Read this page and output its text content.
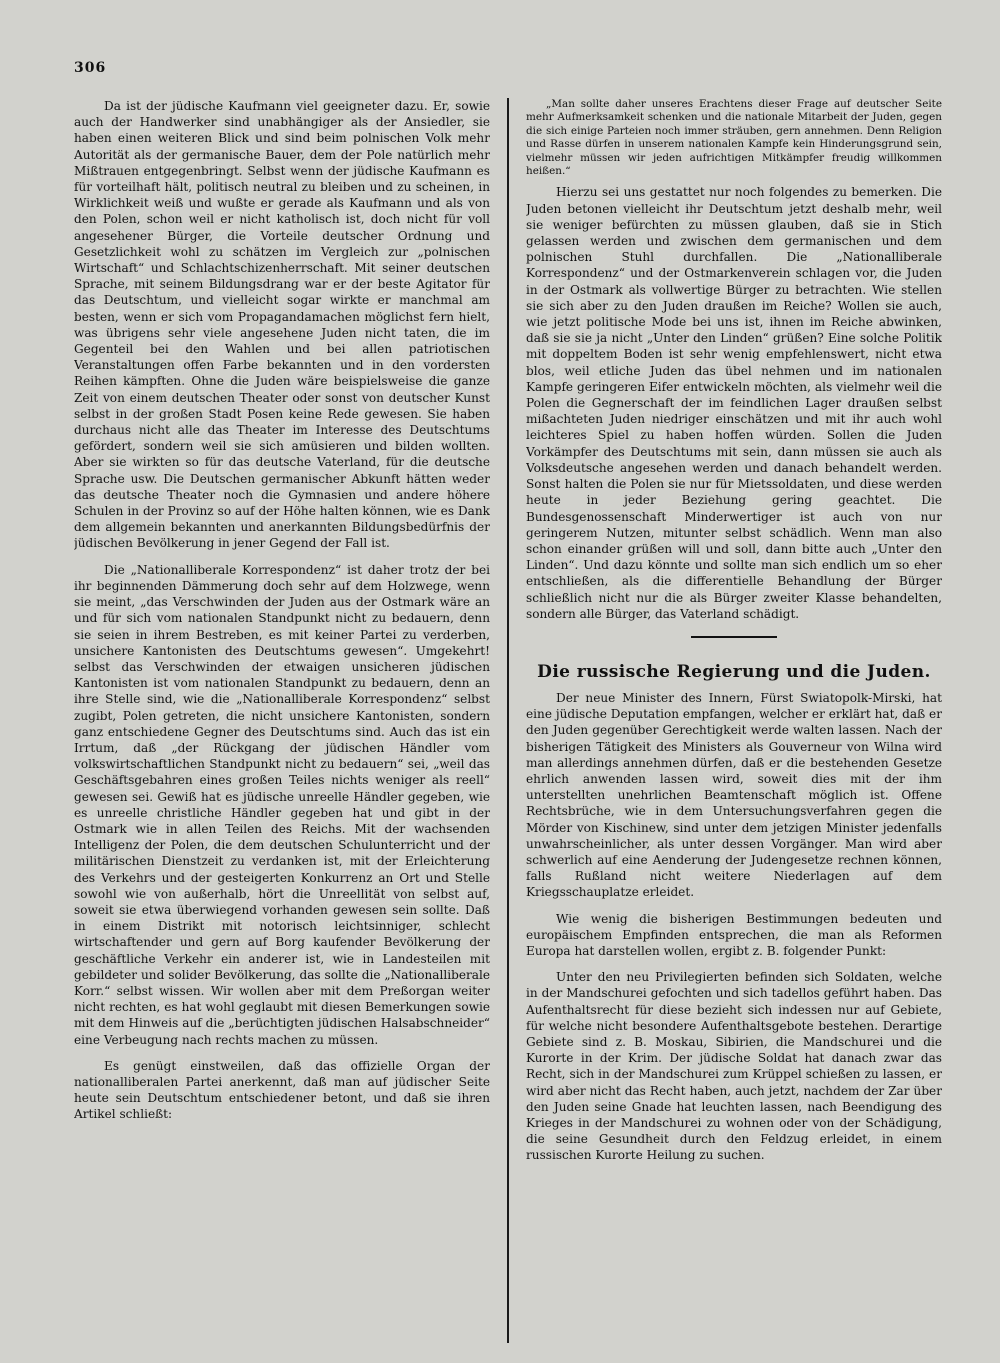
306

Da ist der jüdische Kaufmann viel geeigneter dazu. Er, sowie auch der Handwerker sind unabhängiger als der Ansiedler, sie haben einen weiteren Blick und sind beim polnischen Volk mehr Autorität als der germanische Bauer, dem der Pole natürlich mehr Mißtrauen entgegenbringt. Selbst wenn der jüdische Kaufmann es für vorteilhaft hält, politisch neutral zu bleiben und zu scheinen, in Wirklichkeit weiß und wußte er gerade als Kaufmann und als von den Polen, schon weil er nicht katholisch ist, doch nicht für voll angesehener Bürger, die Vorteile deutscher Ordnung und Gesetzlichkeit wohl zu schätzen im Vergleich zur „polnischen Wirtschaft“ und Schlachtschizenherrschaft. Mit seiner deutschen Sprache, mit seinem Bildungsdrang war er der beste Agitator für das Deutschtum, und vielleicht sogar wirkte er manchmal am besten, wenn er sich vom Propagandamachen möglichst fern hielt, was übrigens sehr viele angesehene Juden nicht taten, die im Gegenteil bei den Wahlen und bei allen patriotischen Veranstaltungen offen Farbe bekannten und in den vordersten Reihen kämpften. Ohne die Juden wäre beispielsweise die ganze Zeit von einem deutschen Theater oder sonst von deutscher Kunst selbst in der großen Stadt Posen keine Rede gewesen. Sie haben durchaus nicht alle das Theater im Interesse des Deutschtums gefördert, sondern weil sie sich amüsieren und bilden wollten. Aber sie wirkten so für das deutsche Vaterland, für die deutsche Sprache usw. Die Deutschen germanischer Abkunft hätten weder das deutsche Theater noch die Gymnasien und andere höhere Schulen in der Provinz so auf der Höhe halten können, wie es Dank dem allgemein bekannten und anerkannten Bildungsbedürfnis der jüdischen Bevölkerung in jener Gegend der Fall ist.

Die „Nationalliberale Korrespondenz“ ist daher trotz der bei ihr beginnenden Dämmerung doch sehr auf dem Holzwege, wenn sie meint, „das Verschwinden der Juden aus der Ostmark wäre an und für sich vom nationalen Standpunkt nicht zu bedauern, denn sie seien in ihrem Bestreben, es mit keiner Partei zu verderben, unsichere Kantonisten des Deutschtums gewesen“. Umgekehrt! selbst das Verschwinden der etwaigen unsicheren jüdischen Kantonisten ist vom nationalen Standpunkt zu bedauern, denn an ihre Stelle sind, wie die „Nationalliberale Korrespondenz“ selbst zugibt, Polen getreten, die nicht unsichere Kantonisten, sondern ganz entschiedene Gegner des Deutschtums sind. Auch das ist ein Irrtum, daß „der Rückgang der jüdischen Händler vom volkswirtschaftlichen Standpunkt nicht zu bedauern“ sei, „weil das Geschäftsgebahren eines großen Teiles nichts weniger als reell“ gewesen sei. Gewiß hat es jüdische unreelle Händler gegeben, wie es unreelle christliche Händler gegeben hat und gibt in der Ostmark wie in allen Teilen des Reichs. Mit der wachsenden Intelligenz der Polen, die dem deutschen Schulunterricht und der militärischen Dienstzeit zu verdanken ist, mit der Erleichterung des Verkehrs und der gesteigerten Konkurrenz an Ort und Stelle sowohl wie von außerhalb, hört die Unreellität von selbst auf, soweit sie etwa überwiegend vorhanden gewesen sein sollte. Daß in einem Distrikt mit notorisch leichtsinniger, schlecht wirtschaftender und gern auf Borg kaufender Bevölkerung der geschäftliche Verkehr ein anderer ist, wie in Landesteilen mit gebildeter und solider Bevölkerung, das sollte die „Nationalliberale Korr.“ selbst wissen. Wir wollen aber mit dem Preßorgan weiter nicht rechten, es hat wohl geglaubt mit diesen Bemerkungen sowie mit dem Hinweis auf die „berüchtigten jüdischen Halsabschneider“ eine Verbeugung nach rechts machen zu müssen.

Es genügt einstweilen, daß das offizielle Organ der nationalliberalen Partei anerkennt, daß man auf jüdischer Seite heute sein Deutschtum entschiedener betont, und daß sie ihren Artikel schließt:

„Man sollte daher unseres Erachtens dieser Frage auf deutscher Seite mehr Aufmerksamkeit schenken und die nationale Mitarbeit der Juden, gegen die sich einige Parteien noch immer sträuben, gern annehmen. Denn Religion und Rasse dürfen in unserem nationalen Kampfe kein Hinderungsgrund sein, vielmehr müssen wir jeden aufrichtigen Mitkämpfer freudig willkommen heißen.“

Hierzu sei uns gestattet nur noch folgendes zu bemerken. Die Juden betonen vielleicht ihr Deutschtum jetzt deshalb mehr, weil sie weniger befürchten zu müssen glauben, daß sie in Stich gelassen werden und zwischen dem germanischen und dem polnischen Stuhl durchfallen. Die „Nationalliberale Korrespondenz“ und der Ostmarkenverein schlagen vor, die Juden in der Ostmark als vollwertige Bürger zu betrachten. Wie stellen sie sich aber zu den Juden draußen im Reiche? Wollen sie auch, wie jetzt politische Mode bei uns ist, ihnen im Reiche abwinken, daß sie sie ja nicht „Unter den Linden“ grüßen? Eine solche Politik mit doppeltem Boden ist sehr wenig empfehlenswert, nicht etwa blos, weil etliche Juden das übel nehmen und im nationalen Kampfe geringeren Eifer entwickeln möchten, als vielmehr weil die Polen die Gegnerschaft der im feindlichen Lager draußen selbst mißachteten Juden niedriger einschätzen und mit ihr auch wohl leichteres Spiel zu haben hoffen würden. Sollen die Juden Vorkämpfer des Deutschtums mit sein, dann müssen sie auch als Volksdeutsche angesehen werden und danach behandelt werden. Sonst halten die Polen sie nur für Mietssoldaten, und diese werden heute in jeder Beziehung gering geachtet. Die Bundesgenossenschaft Minderwertiger ist auch von nur geringerem Nutzen, mitunter selbst schädlich. Wenn man also schon einander grüßen will und soll, dann bitte auch „Unter den Linden“. Und dazu könnte und sollte man sich endlich um so eher entschließen, als die differentielle Behandlung der Bürger schließlich nicht nur die als Bürger zweiter Klasse behandelten, sondern alle Bürger, das Vaterland schädigt.

Die russische Regierung und die Juden.

Der neue Minister des Innern, Fürst Swiatopolk-Mirski, hat eine jüdische Deputation empfangen, welcher er erklärt hat, daß er den Juden gegenüber Gerechtigkeit werde walten lassen. Nach der bisherigen Tätigkeit des Ministers als Gouverneur von Wilna wird man allerdings annehmen dürfen, daß er die bestehenden Gesetze ehrlich anwenden lassen wird, soweit dies mit der ihm unterstellten unehrlichen Beamtenschaft möglich ist. Offene Rechtsbrüche, wie in dem Untersuchungsverfahren gegen die Mörder von Kischinew, sind unter dem jetzigen Minister jedenfalls unwahrscheinlicher, als unter dessen Vorgänger. Man wird aber schwerlich auf eine Aenderung der Judengesetze rechnen können, falls Rußland nicht weitere Niederlagen auf dem Kriegsschauplatze erleidet.

Wie wenig die bisherigen Bestimmungen bedeuten und europäischem Empfinden entsprechen, die man als Reformen Europa hat darstellen wollen, ergibt z. B. folgender Punkt:

Unter den neu Privilegierten befinden sich Soldaten, welche in der Mandschurei gefochten und sich tadellos geführt haben. Das Aufenthaltsrecht für diese bezieht sich indessen nur auf Gebiete, für welche nicht besondere Aufenthaltsgebote bestehen. Derartige Gebiete sind z. B. Moskau, Sibirien, die Mandschurei und die Kurorte in der Krim. Der jüdische Soldat hat danach zwar das Recht, sich in der Mandschurei zum Krüppel schießen zu lassen, er wird aber nicht das Recht haben, auch jetzt, nachdem der Zar über den Juden seine Gnade hat leuchten lassen, nach Beendigung des Krieges in der Mandschurei zu wohnen oder von der Schädigung, die seine Gesundheit durch den Feldzug erleidet, in einem russischen Kurorte Heilung zu suchen.
